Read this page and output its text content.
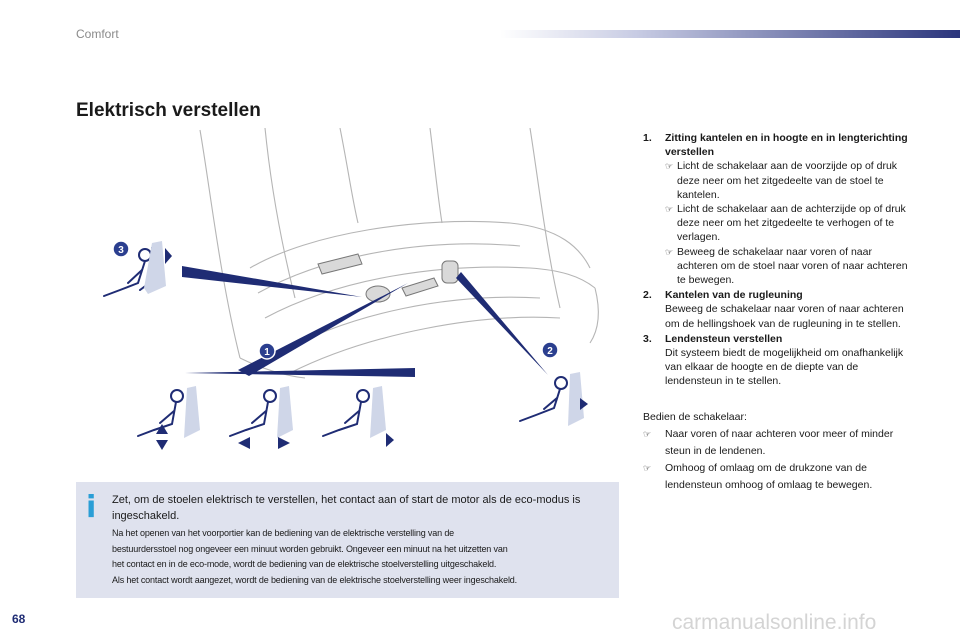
Comfort
Elektrisch verstellen
3
1	2
1. Zitting kantelen en in hoogte en in lengterichting verstellen
☞ Licht de schakelaar aan de voorzijde op of druk deze neer om het zitgedeelte van de stoel te kantelen.
☞ Licht de schakelaar aan de achterzijde op of druk deze neer om het zitgedeelte te verhogen of te verlagen.
☞ Beweeg de schakelaar naar voren of naar achteren om de stoel naar voren of naar achteren te bewegen.
2. Kantelen van de rugleuning
Beweeg de schakelaar naar voren of naar achteren om de hellingshoek van de rugleuning in te stellen.
3. Lendensteun verstellen
Dit systeem biedt de mogelijkheid om onafhankelijk van elkaar de hoogte en de diepte van de lendensteun in te stellen.
Bedien de schakelaar:
☞ Naar voren of naar achteren voor meer of minder steun in de lendenen.
☞ Omhoog of omlaag om de drukzone van de lendensteun omhoog of omlaag te bewegen.
i Zet, om de stoelen elektrisch te verstellen, het contact aan of start de motor als de eco-modus is ingeschakeld.
Na het openen van het voorportier kan de bediening van de elektrische verstelling van de
bestuurdersstoel nog ongeveer een minuut worden gebruikt. Ongeveer een minuut na het uitzetten van
het contact en in de eco-mode, wordt de bediening van de elektrische stoelverstelling uitgeschakeld.
Als het contact wordt aangezet, wordt de bediening van de elektrische stoelverstelling weer ingeschakeld.
68	carmanualsonline.info
